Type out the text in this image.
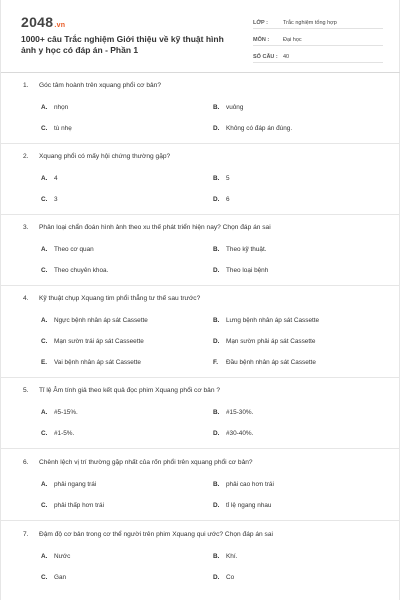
2048.vn
1000+ câu Trắc nghiệm Giới thiệu về kỹ thuật hình ảnh y học có đáp án - Phần 1
LỚP :	Trắc nghiệm tổng hợp
MÔN :	Đại học
SỐ CÂU : 40
1. Góc tâm hoành trên xquang phổi cơ bản?
A. nhọn	B. vuông
C. tù nhẹ	D. Không có đáp án đúng.
2. Xquang phổi có mấy hội chứng thường gặp?
A. 4	B. 5
C. 3	D. 6
3. Phân loại chẩn đoán hình ảnh theo xu thế phát triển hiện nay? Chọn đáp án sai
A. Theo cơ quan	B. Theo kỹ thuật.
C. Theo chuyên khoa.	D. Theo loại bệnh
4. Kỹ thuật chụp Xquang tim phổi thẳng tư thế sau trước?
A. Ngực bệnh nhân áp sát Cassette	B. Lưng bệnh nhân áp sát Cassette
C. Mạn sườn trái áp sát Casseette	D. Mạn sườn phải áp sát Cassette
E. Vai bệnh nhân áp sát Cassette	F. Đầu bệnh nhân áp sát Cassette
5. Tỉ lệ Âm tính giả theo kết quả đọc phim Xquang phổi cơ bản ?
A. #5-15%.	B. #15-30%.
C. #1-5%.	D. #30-40%.
6. Chênh lệch vị trí thường gặp nhất của rốn phổi trên xquang phổi cơ bản?
A. phải ngang trái	B. phải cao hơn trái
C. phải thấp hơn trái	D. tỉ lệ ngang nhau
7. Đậm độ cơ bản trong cơ thể người trên phim Xquang qui ước? Chọn đáp án sai
A. Nước	B. Khí.
C. Gan	D. Co
